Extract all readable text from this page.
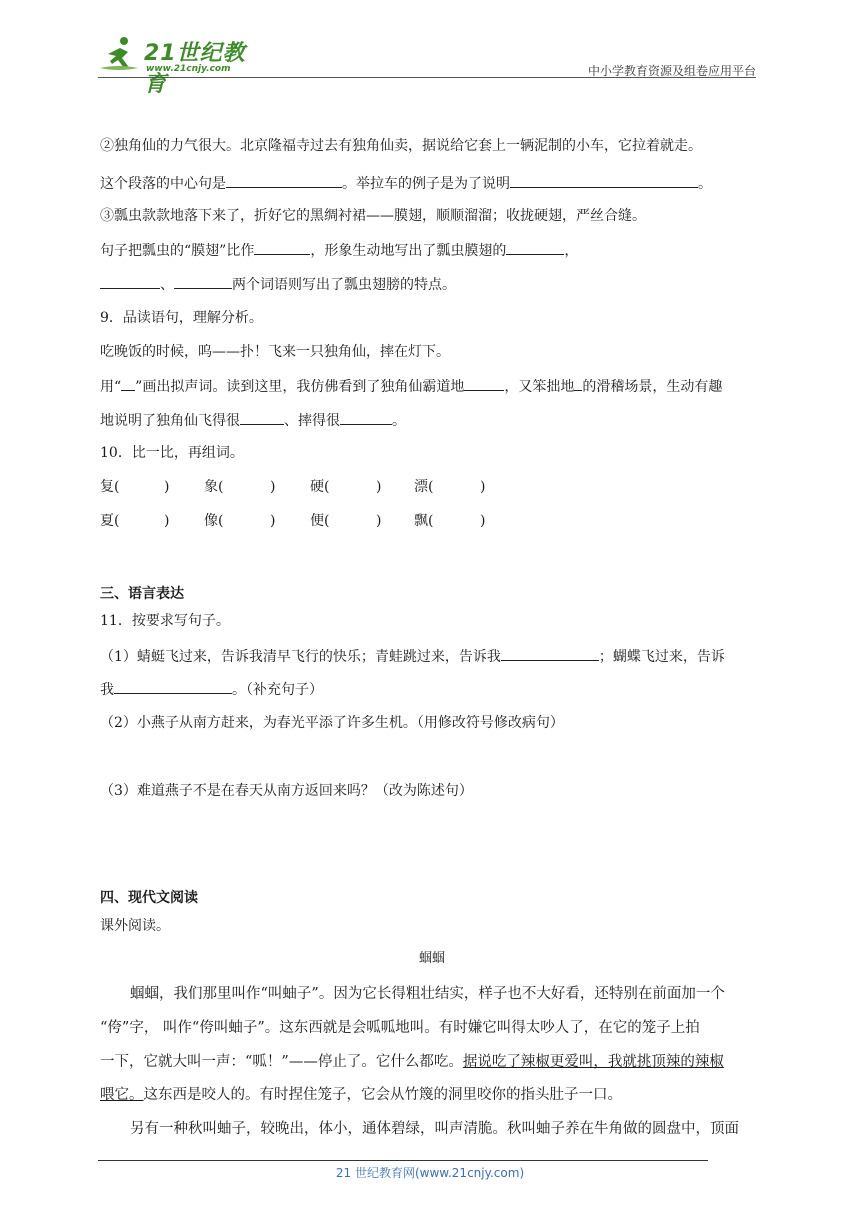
21世纪教育
www.21cnjy.com	中小学教育资源及组卷应用平台
②独角仙的力气很大。北京隆福寺过去有独角仙卖，据说给它套上一辆泥制的小车，它拉着就走。
这个段落的中心句是	。举拉车的例子是为了说明	。
③瓢虫款款地落下来了，折好它的黑绸衬裙——膜翅，顺顺溜溜；收拢硬翅，严丝合缝。
句子把瓢虫的“膜翅”比作	，形象生动地写出了瓢虫膜翅的	，
、	两个词语则写出了瓢虫翅膀的特点。
9．品读语句，理解分析。
吃晚饭的时候，呜——扑！飞来一只独角仙，摔在灯下。
用“ ”画出拟声词。读到这里，我仿佛看到了独角仙霸道地	，又笨拙地 的滑稽场景，生动有趣
地说明了独角仙飞得很	、摔得很	。
10．比一比，再组词。
复(	) 象(	) 硬(	) 漂(	)
夏(	) 像(	) 便(	) 飘(	)
三、语言表达
11．按要求写句子。
（1）蜻蜓飞过来，告诉我清早飞行的快乐；青蛙跳过来，告诉我	；蝴蝶飞过来，告诉
我	。（补充句子）
（2）小燕子从南方赶来，为春光平添了许多生机。（用修改符号修改病句）
（3）难道燕子不是在春天从南方返回来吗？（改为陈述句）
四、现代文阅读
课外阅读。
蝈蝈
蝈蝈，我们那里叫作“叫蚰子”。因为它长得粗壮结实，样子也不大好看，还特别在前面加一个
“侉”字， 叫作“侉叫蚰子”。这东西就是会呱呱地叫。有时嫌它叫得太吵人了，在它的笼子上拍
一下，它就大叫一声：“呱！”——停止了。它什么都吃。据说吃了辣椒更爱叫，我就挑顶辣的辣椒
喂它。这东西是咬人的。有时捏住笼子，它会从竹篾的洞里咬你的指头肚子一口。
另有一种秋叫蚰子，较晚出，体小，通体碧绿，叫声清脆。秋叫蚰子养在牛角做的圆盘中，顶面
21 世纪教育网(www.21cnjy.com)
